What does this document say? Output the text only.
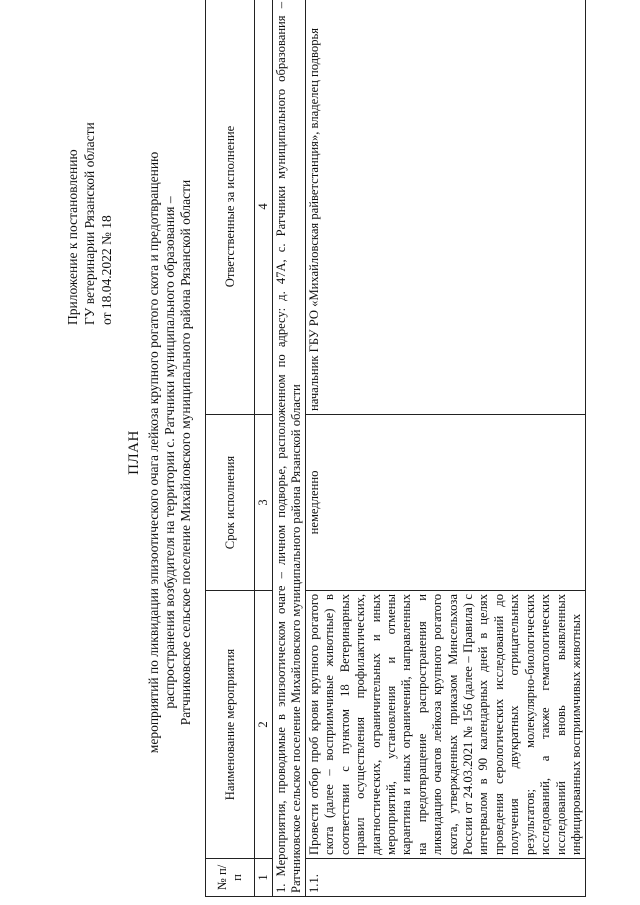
Приложение к постановлению ГУ ветеринарии Рязанской области от 18.04.2022 № 18
ПЛАН мероприятий по ликвидации эпизоотического очага лейкоза крупного рогатого скота и предотвращению распространения возбудителя на территории с. Ратчники муниципального образования – Ратчниковское сельское поселение Михайловского муниципального района Рязанской области
№ п/п	Наименование мероприятия	Срок исполнения	Ответственные за исполнение
1	2	3	4
1. Мероприятия, проводимые в эпизоотическом очаге – личном подворье, расположенном по адресу: д. 47А, с. Ратчники муниципального образования – Ратчниковское сельское поселение Михайловского муниципального района Рязанской области			
1.1.	Провести отбор проб крови крупного рогатого скота (далее – восприимчивые животные) в соответствии с пунктом 18 Ветеринарных правил осуществления профилактических, диагностических, ограничительных и иных мероприятий, установления и отмены карантина и иных ограничений, направленных на предотвращение распространения и ликвидацию очагов лейкоза крупного рогатого скота, утвержденных приказом Минсельхоза России от 24.03.2021 № 156 (далее – Правила) с интервалом в 90 календарных дней в целях проведения серологических исследований до получения двукратных отрицательных результатов; молекулярно-биологических исследований, а также гематологических исследований вновь выявленных инфицированных восприимчивых животных	немедленно	начальник ГБУ РО «Михайловская райветстанция», владелец подворья
